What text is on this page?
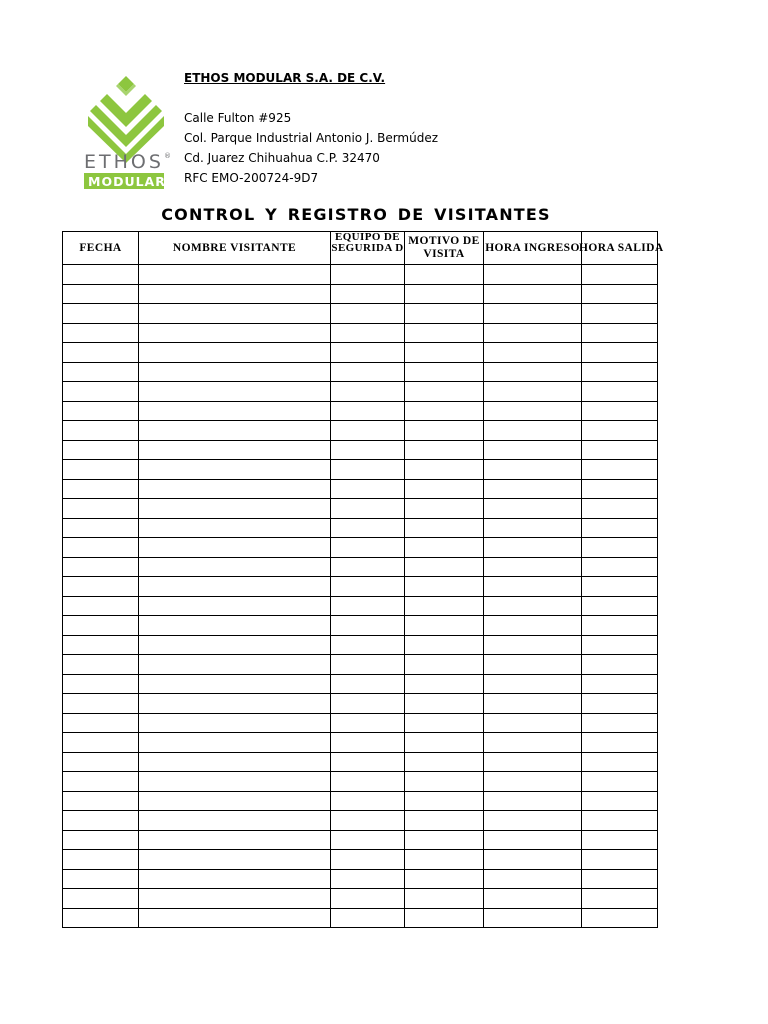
ETHOS ®
MODULAR
ETHOS MODULAR S.A. DE C.V.
Calle Fulton #925
Col. Parque Industrial Antonio J. Bermúdez
Cd. Juarez Chihuahua C.P. 32470
RFC EMO-200724-9D7
CONTROL Y REGISTRO DE VISITANTES
FECHA	NOMBRE VISITANTE	EQUIPO DE SEGURIDA D	MOTIVO DE VISITA	HORA INGRESO	HORA SALIDA
